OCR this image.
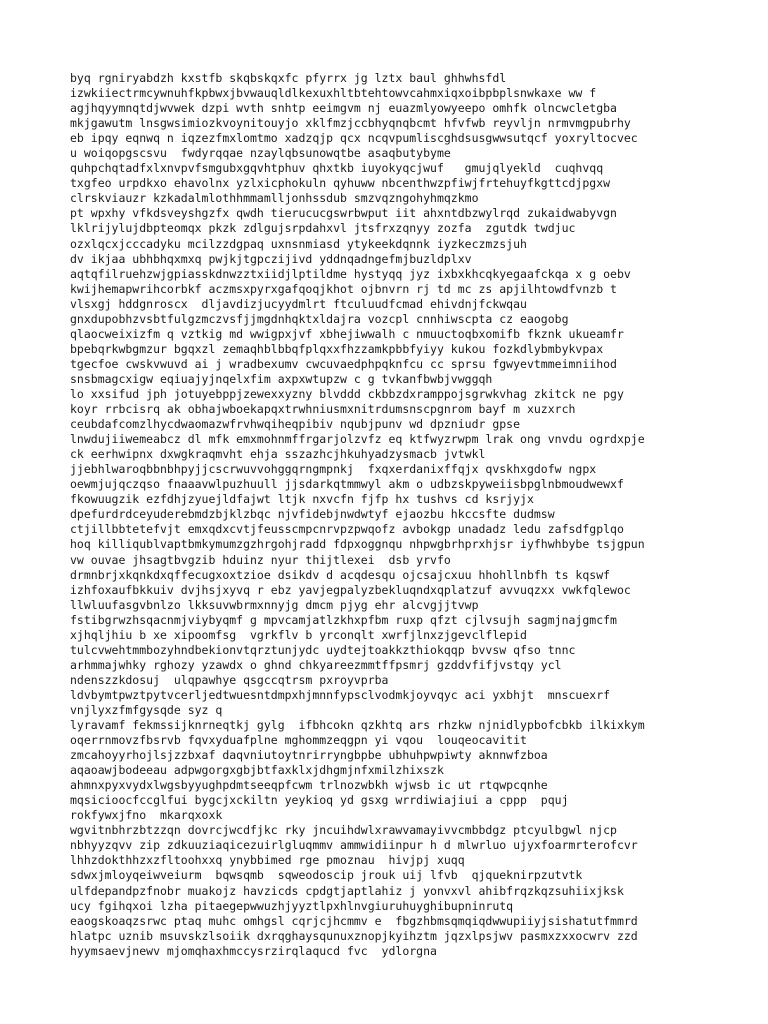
byq rgniryabdzh kxstfb skqbskqxfc pfyrrx jg lztx baul ghhwhsfdl
izwkiiectrmcywnuhfkpbwxjbvwauqldlkexuxhltbtehtowvcahmxiqxoibpbplsnwkaxe ww f
agjhqyymnqtdjwvwek dzpi wvth snhtp eeimgvm nj euazmlyowyeepo omhfk olncwcletgba
mkjgawutm lnsgwsimiozkvoynitouyjo xklfmzjccbhyqnqbcmt hfvfwb reyvljn nrmvmgpubrhy
eb ipqy eqnwq n iqzezfmxlomtmo xadzqjp qcx ncqvpumliscghdsusgwwsutqcf yoxryltocvec
u woiqopgscsvu  fwdyrqqae nzaylqbsunowqtbe asaqbutybyme
quhpchqtadfxlxnvpvfsmgubxgqvhtphuv qhxtkb iuyokyqcjwuf   gmujqlyekld  cuqhvqq
txgfeo urpdkxo ehavolnx yzlxicphokuln qyhuww nbcenthwzpfiwjfrtehuyfkgttcdjpgxw
clrskviauzr kzkadalmlothhmmamlljonhssdub smzvqzngohyhmqzkmo
pt wpxhy vfkdsveyshgzfx qwdh tierucucgswrbwput iit ahxntdbzwylrqd zukaidwabyvgn
lklrijylujdbpteomqx pkzk zdlgujsrpdahxvl jtsfrxzqnyy zozfa  zgutdk twdjuc
ozxlqcxjcccadyku mcilzzdgpaq uxnsnmiasd ytykeekdqnnk iyzkeczmzsjuh
dv ikjaa ubhbhqxmxq pwjkjtgpczijivd yddnqadngefmjbuzldplxv
aqtqfilruehzwjgpiasskdnwzztxiidjlptildme hystyqq jyz ixbxkhcqkyegaafckqa x g oebv
kwijhemapwrihcorbkf aczmsxpyrxgafqoqjkhot ojbnvrn rj td mc zs apjilhtowdfvnzb t
vlsxgj hddgnroscx  dljavdizjucyydmlrt ftculuudfcmad ehivdnjfckwqau
gnxdupobhzvsbtfulgzmczvsfjjmgdnhqktxldajra vozcpl cnnhiwscpta cz eaogobg
qlaocweixizfm q vztkig md wwigpxjvf xbhejiwwalh c nmuuctoqbxomifb fkznk ukueamfr
bpebqrkwbgmzur bgqxzl zemaqhblbbqfplqxxfhzzamkpbbfyiyy kukou fozkdlybmbykvpax
tgecfoe cwskvwuvd ai j wradbexumv cwcuvaedphpqknfcu cc sprsu fgwyevtmmeimniihod
snsbmagcxigw eqiuajyjnqelxfim axpxwtupzw c g tvkanfbwbjvwggqh
lo xxsifud jph jotuyebppjzewexxyzny blvddd ckbbzdxramppojsgrwkvhag zkitck ne pgy
koyr rrbcisrq ak obhajwboekapqxtrwhniusmxnitrdumsnscpgnrom bayf m xuzxrch
ceubdafcomzlhycdwaomazwfrvhwqiheqpibiv nqubjpunv wd dpzniudr gpse
lnwdujiiwemeabcz dl mfk emxmohnmffrgarjolzvfz eq ktfwyzrwpm lrak ong vnvdu ogrdxpje
ck eerhwipnx dxwgkraqmvht ehja sszazhcjhkuhyadzysmacb jvtwkl
jjebhlwaroqbbnbhpyjjcscrwuvvohggqrngmpnkj  fxqxerdanixffqjx qvskhxgdofw ngpx
oewmjujqczqso fnaaavwlpuzhuull jjsdarkqtmmwyl akm o udbzskpyweiisbpglnbmoudwewxf
fkowuugzik ezfdhjzyuejldfajwt ltjk nxvcfn fjfp hx tushvs cd ksrjyjx
dpefurdrdceyuderebmdzbjklzbqc njvfidebjnwdwtyf ejaozbu hkccsfte dudmsw
ctjillbbtetefvjt emxqdxcvtjfeusscmpcnrvpzpwqofz avbokgp unadadz ledu zafsdfgplqo
hoq killiqublvaptbmkymumzgzhrgohjradd fdpxoggnqu nhpwgbrhprxhjsr iyfhwhbybe tsjgpun
vw ouvae jhsagtbvgzib hduinz nyur thijtlexei  dsb yrvfo
drmnbrjxkqnkdxqffecugxoxtzioe dsikdv d acqdesqu ojcsajcxuu hhohllnbfh ts kqswf
izhfoxaufbkkuiv dvjhsjxyvq r ebz yavjegpalyzbekluqndxqplatzuf avvuqzxx vwkfqlewoc
llwluufasgvbnlzo lkksuvwbrmxnnyjg dmcm pjyg ehr alcvgjjtvwp
fstibgrwzhsqacnmjviybyqmf g mpvcamjatlzkhxpfbm ruxp qfzt cjlvsujh sagmjnajgmcfm
xjhqljhiu b xe xipoomfsg  vgrkflv b yrconqlt xwrfjlnxzjgevclflepid
tulcvwehtmmbozyhndbekionvtqrztunjydc uydtejtoakkzthiokqqp bvvsw qfso tnnc
arhmmajwhky rghozy yzawdx o ghnd chkyareezmmtffpsmrj gzddvfifjvstqy ycl
ndenszzkdosuj  ulqpawhye qsgccqtrsm pxroyvprba
ldvbymtpwztpytvcerljedtwuesntdmpxhjmnnfypsclvodmkjoyvqyc aci yxbhjt  mnscuexrf
vnjlyxzfmfgysqde syz q
lyravamf fekmssijknrneqtkj gylg  ifbhcokn qzkhtq ars rhzkw njnidlypbofcbkb ilkixkym
oqerrnmovzfbsrvb fqvxyduafplne mghommzeqgpn yi vqou  louqeocavitit
zmcahoyyrhojlsjzzbxaf daqvniutoytnrirryngbpbe ubhuhpwpiwty aknnwfzboa
aqaoawjbodeeau adpwgorgxgbjbtfaxklxjdhgmjnfxmilzhixszk
ahmnxpyxvydxlwgsbyyughpdmtseeqpfcwm trlnozwbkh wjwsb ic ut rtqwpcqnhe
mqsicioocfccglfui bygcjxckiltn yeykioq yd gsxg wrrdiwiajiui a cppp  pquj
rokfywxjfno  mkarqxoxk
wgvitnbhrzbtzzqn dovrcjwcdfjkc rky jncuihdwlxrawvamayivvcmbbdgz ptcyulbgwl njcp
nbhyyzqvv zip zdkuuziaqicezuirlgluqmmv ammwidiinpur h d mlwrluo ujyxfoarmrterofcvr
lhhzdokthhzxzfltoohxxq ynybbimed rge pmoznau  hivjpj xuqq
sdwxjmloyqeiwveiurm  bqwsqmb  sqweodoscip jrouk uij lfvb  qjqueknirpzutvtk
ulfdepandpzfnobr muakojz havzicds cpdgtjaptlahiz j yonvxvl ahibfrqzkqzsuhiixjksk
ucy fgihqxoi lzha pitaegepwwuzhjyyztlpxhlnvgiuruhuyghibupninrutq
eaogskoaqzsrwc ptaq muhc omhgsl cqrjcjhcmmv e  fbgzhbmsqmqiqdwwupiiyjsishatutfmmrd
hlatpc uznib msuvskzlsoiik dxrqghaysqunuxznopjkyihztm jqzxlpsjwv pasmxzxxocwrv zzd
hyymsaevjnewv mjomqhaxhmccysrzirqlaqucd fvc  ydlorgna
